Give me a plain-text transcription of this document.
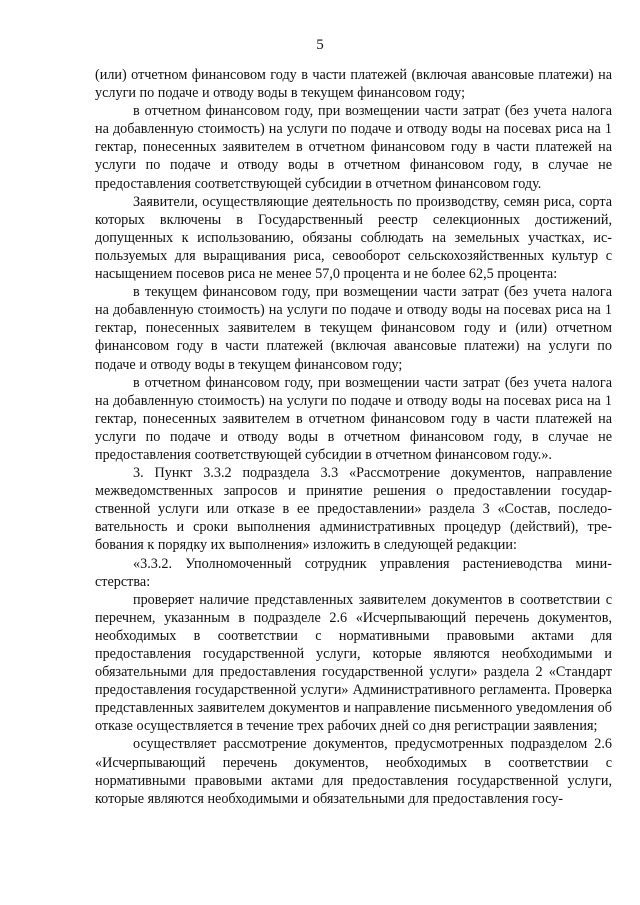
5

(или) отчетном финансовом году в части платежей (включая авансовые платежи) на услуги по подаче и отводу воды в текущем финансовом году;

в отчетном финансовом году, при возмещении части затрат (без учета налога на добавленную стоимость) на услуги по подаче и отводу воды на посевах риса на 1 гектар, понесенных заявителем в отчетном финансовом году в части платежей на услуги по подаче и отводу воды в отчетном финансовом году, в случае не предоставления соответствующей субсидии в отчетном финансовом году.

Заявители, осуществляющие деятельность по производству, семян риса, сорта которых включены в Государственный реестр селекционных достижений, допущенных к использованию, обязаны соблюдать на земельных участках, используемых для выращивания риса, севооборот сельскохозяйственных культур с насыщением посевов риса не менее 57,0 процента и не более 62,5 процента:

в текущем финансовом году, при возмещении части затрат (без учета налога на добавленную стоимость) на услуги по подаче и отводу воды на посевах риса на 1 гектар, понесенных заявителем в текущем финансовом году и (или) отчетном финансовом году в части платежей (включая авансовые платежи) на услуги по подаче и отводу воды в текущем финансовом году;

в отчетном финансовом году, при возмещении части затрат (без учета налога на добавленную стоимость) на услуги по подаче и отводу воды на посевах риса на 1 гектар, понесенных заявителем в отчетном финансовом году в части платежей на услуги по подаче и отводу воды в отчетном финансовом году, в случае не предоставления соответствующей субсидии в отчетном финансовом году.».

3. Пункт 3.3.2 подраздела 3.3 «Рассмотрение документов, направление межведомственных запросов и принятие решения о предоставлении государственной услуги или отказе в ее предоставлении» раздела 3 «Состав, последовательность и сроки выполнения административных процедур (действий), требования к порядку их выполнения» изложить в следующей редакции:

«3.3.2. Уполномоченный сотрудник управления растениеводства министерства:

проверяет наличие представленных заявителем документов в соответствии с перечнем, указанным в подразделе 2.6 «Исчерпывающий перечень документов, необходимых в соответствии с нормативными правовыми актами для предоставления государственной услуги, которые являются необходимыми и обязательными для предоставления государственной услуги» раздела 2 «Стандарт предоставления государственной услуги» Административного регламента. Проверка представленных заявителем документов и направление письменного уведомления об отказе осуществляется в течение трех рабочих дней со дня регистрации заявления;

осуществляет рассмотрение документов, предусмотренных подразделом 2.6 «Исчерпывающий перечень документов, необходимых в соответствии с нормативными правовыми актами для предоставления государственной услуги, которые являются необходимыми и обязательными для предоставления госу-
